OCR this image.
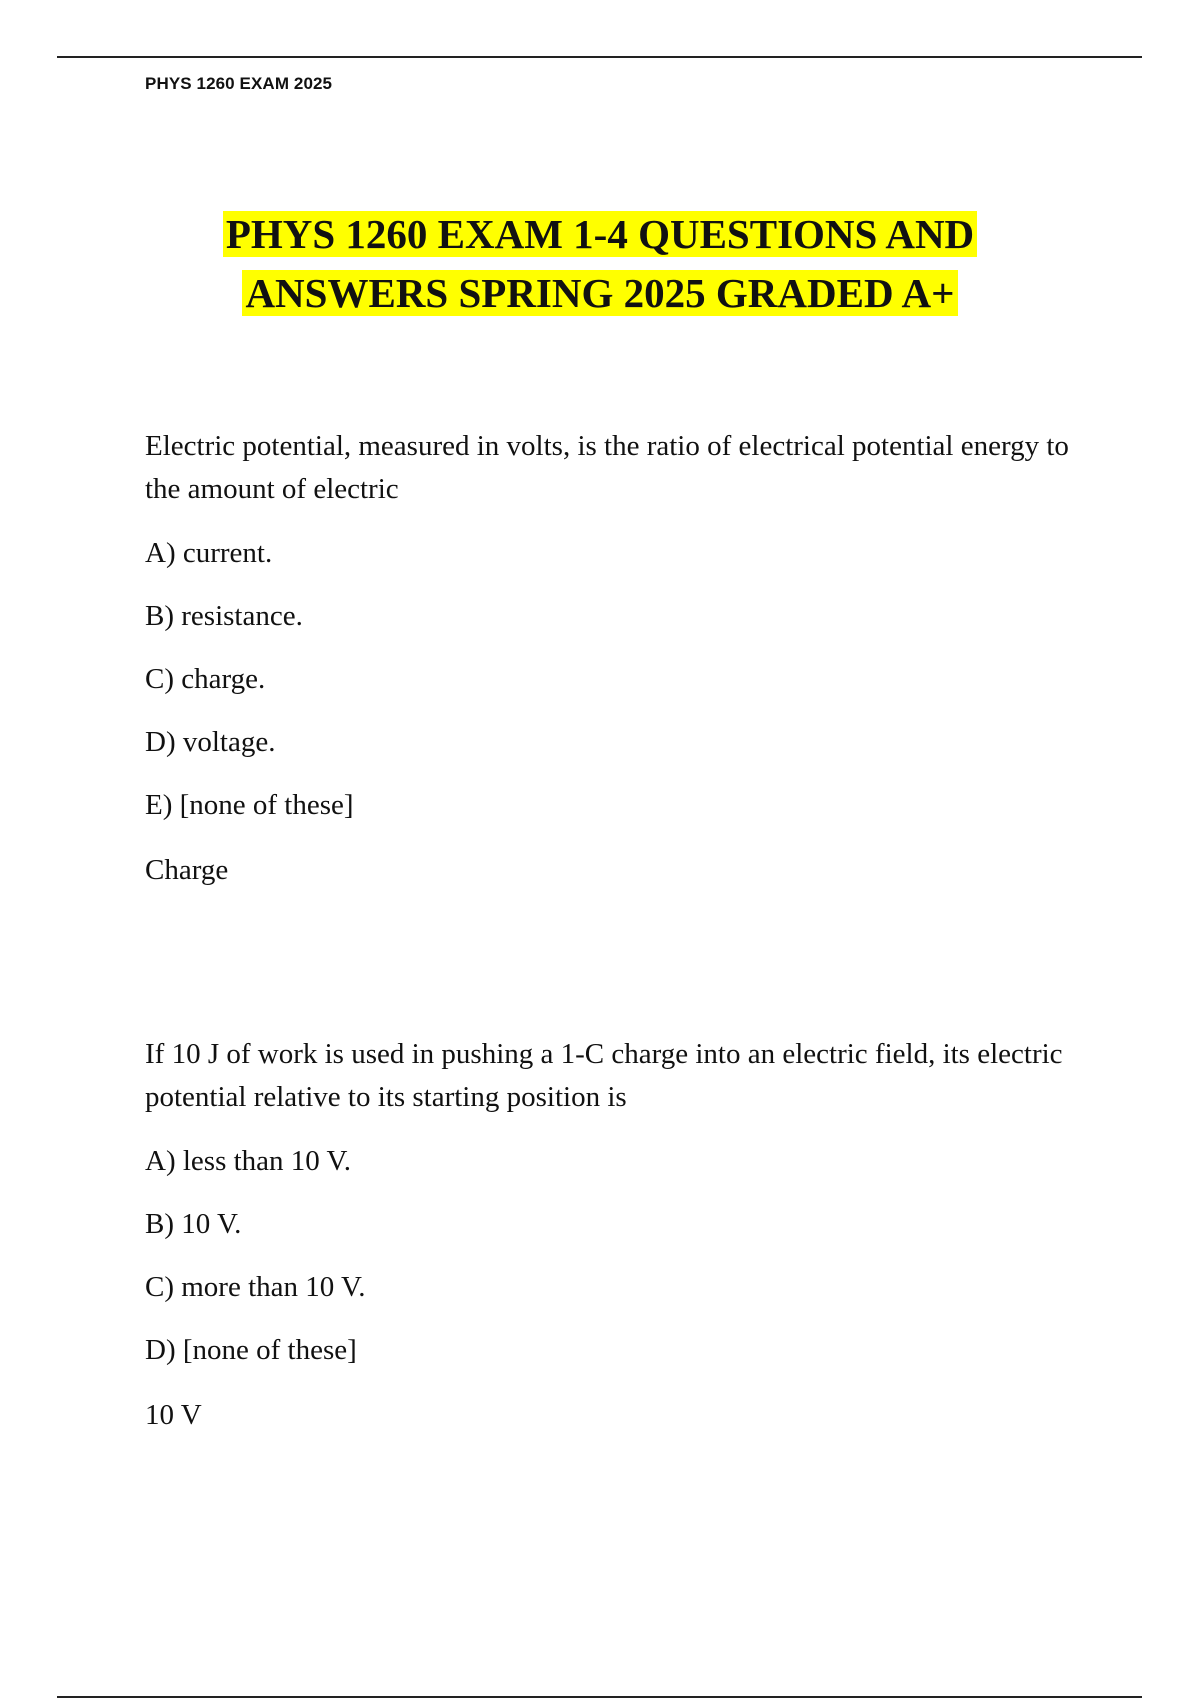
PHYS 1260 EXAM 2025
PHYS 1260 EXAM 1-4 QUESTIONS AND
ANSWERS SPRING 2025 GRADED A+

Electric potential, measured in volts, is the ratio of electrical potential energy to the amount of electric

A) current.
B) resistance.
C) charge.
D) voltage.
E) [none of these]
Charge

If 10 J of work is used in pushing a 1-C charge into an electric field, its electric potential relative to its starting position is

A) less than 10 V.
B) 10 V.
C) more than 10 V.
D) [none of these]
10 V
